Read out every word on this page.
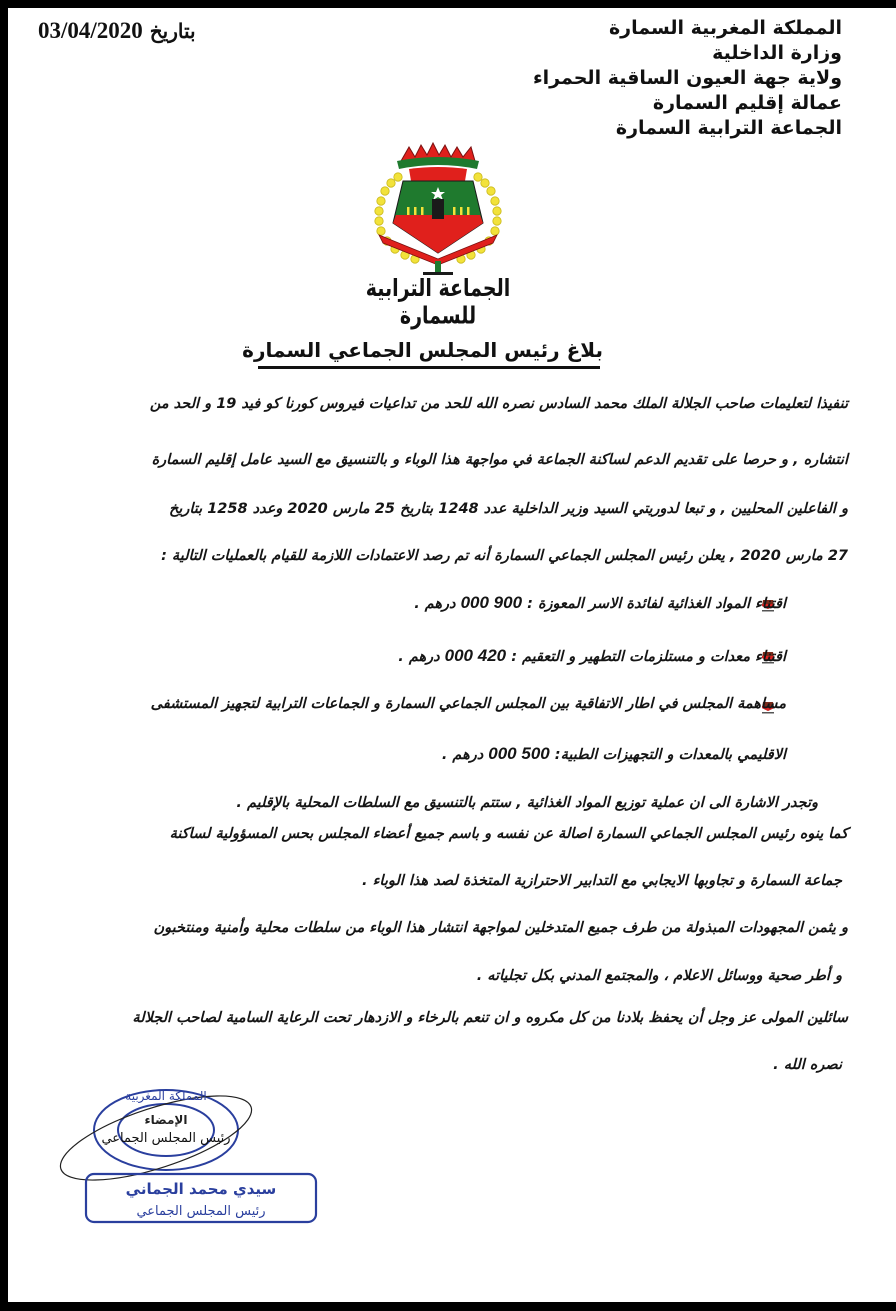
المملكة المغربية السمارة
وزارة الداخلية
ولاية جهة العيون الساقية الحمراء
عمالة إقليم السمارة
الجماعة الترابية السمارة
بتاريخ 03/04/2020
الجماعة الترابية للسمارة
بلاغ رئيس المجلس الجماعي السمارة
تنفيذا لتعليمات صاحب الجلالة الملك محمد السادس نصره الله للحد من تداعيات فيروس كورنا كو فيد 19 و الحد من
انتشاره , و حرصا على تقديم الدعم لساكنة الجماعة في مواجهة هذا الوباء و بالتنسيق مع السيد عامل إقليم السمارة
و الفاعلين المحليين , و تبعا لدوريتي السيد وزير الداخلية عدد 1248 بتاريخ 25 مارس 2020 وعدد 1258 بتاريخ
27 مارس 2020 , يعلن رئيس المجلس الجماعي السمارة أنه تم رصد الاعتمادات اللازمة للقيام بالعمليات التالية :
اقتناء المواد الغذائية لفائدة الاسر المعوزة : 900 000 درهم .
اقتناء معدات و مستلزمات التطهير و التعقيم : 420 000 درهم .
مساهمة المجلس في اطار الاتفاقية بين المجلس الجماعي السمارة و الجماعات الترابية لتجهيز المستشفى
الاقليمي بالمعدات و التجهيزات الطبية: 500 000 درهم .
وتجدر الاشارة الى ان عملية توزيع المواد الغذائية , ستتم بالتنسيق مع السلطات المحلية بالإقليم .
كما ينوه رئيس المجلس الجماعي السمارة اصالة عن نفسه و باسم جميع أعضاء المجلس بحس المسؤولية لساكنة
جماعة السمارة و تجاوبها الايجابي مع التدابير الاحترازية المتخذة لصد هذا الوباء .
و يثمن المجهودات المبذولة من طرف جميع المتدخلين لمواجهة انتشار هذا الوباء من سلطات محلية وأمنية ومنتخبون
و أطر صحية ووسائل الاعلام ، والمجتمع المدني بكل تجلياته .
سائلين المولى عز وجل أن يحفظ بلادنا من كل مكروه و ان تنعم بالرخاء و الازدهار تحت الرعاية السامية لصاحب الجلالة
نصره الله .
المملكة المغربية
الإمضاء
رئيس المجلس الجماعي
سيدي محمد الجماني
رئيس المجلس الجماعي
